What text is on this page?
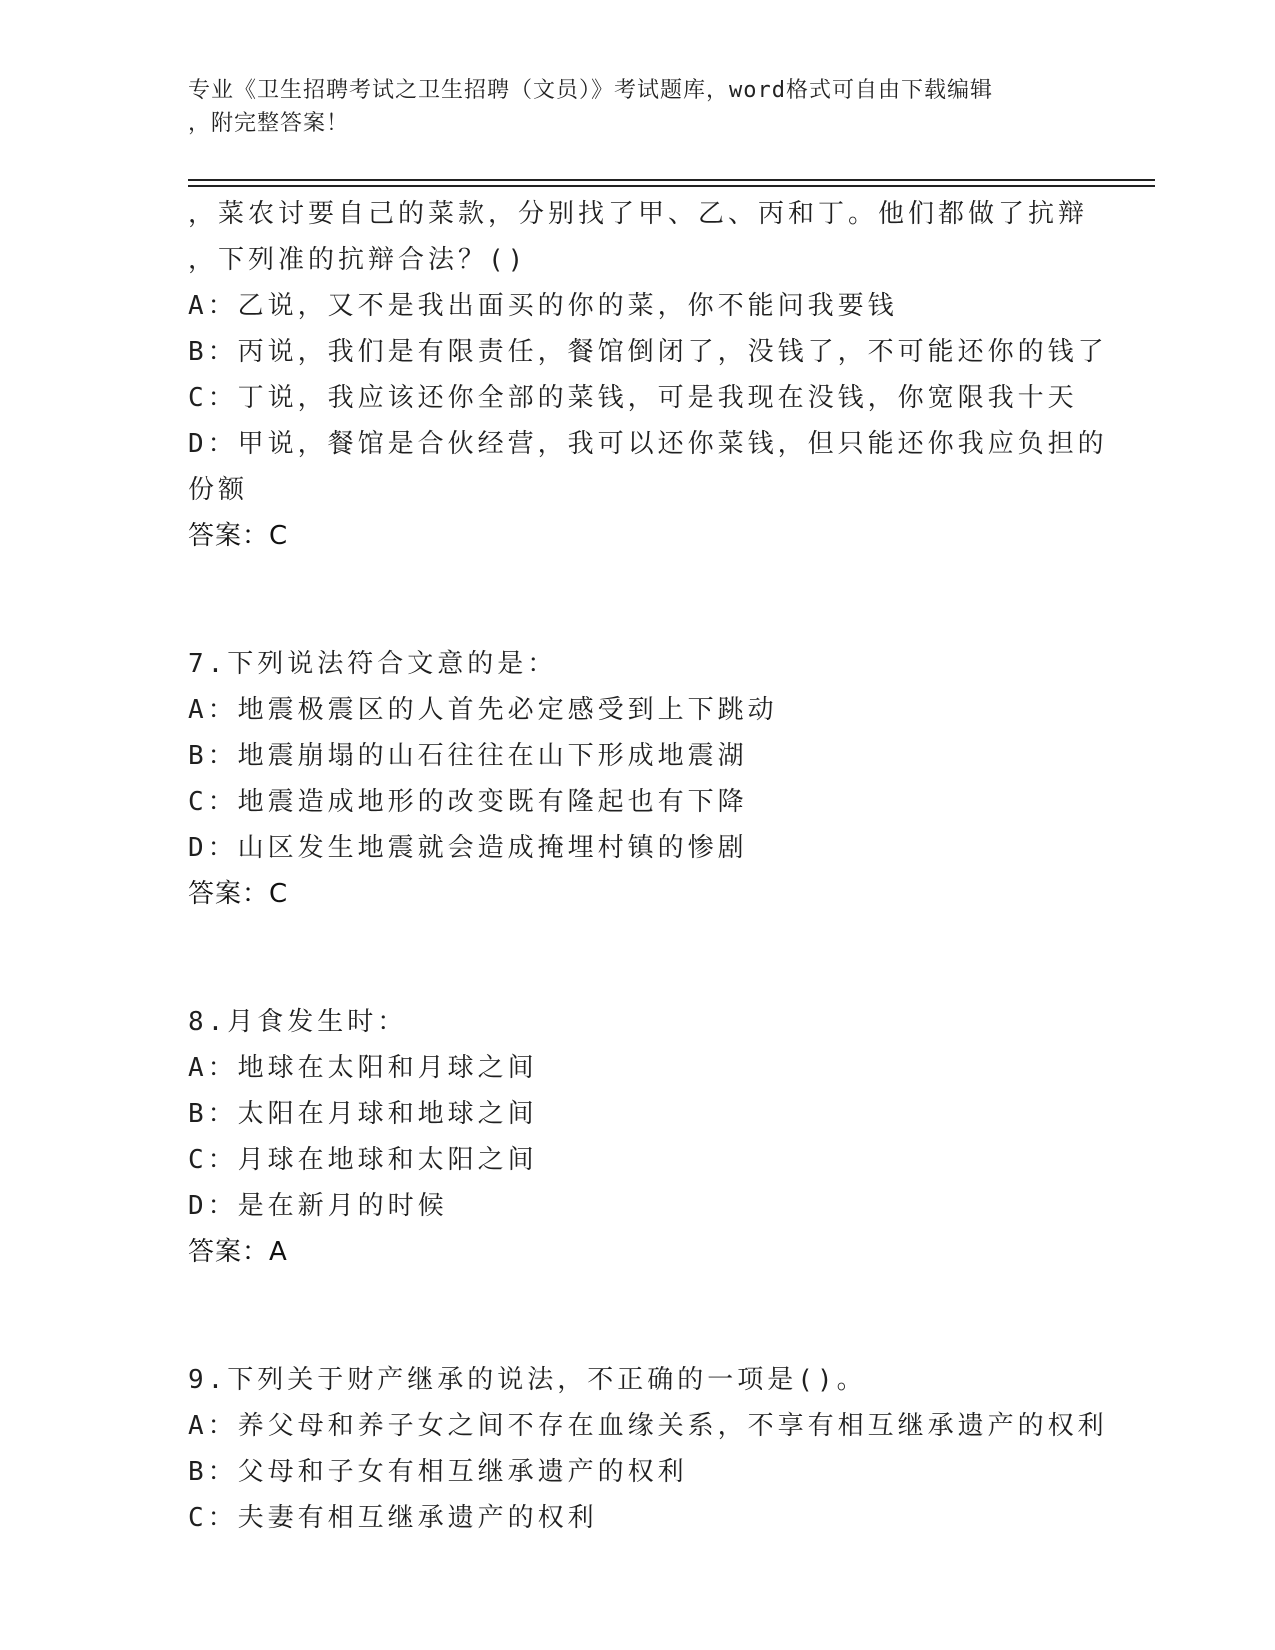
专业《卫生招聘考试之卫生招聘（文员）》考试题库，word格式可自由下载编辑
，附完整答案！
，菜农讨要自己的菜款，分别找了甲、乙、丙和丁。他们都做了抗辩
，下列准的抗辩合法？()
A：乙说，又不是我出面买的你的菜，你不能问我要钱
B：丙说，我们是有限责任，餐馆倒闭了，没钱了，不可能还你的钱了
C：丁说，我应该还你全部的菜钱，可是我现在没钱，你宽限我十天
D：甲说，餐馆是合伙经营，我可以还你菜钱，但只能还你我应负担的
份额
答案：C
7.下列说法符合文意的是：
A：地震极震区的人首先必定感受到上下跳动
B：地震崩塌的山石往往在山下形成地震湖
C：地震造成地形的改变既有隆起也有下降
D：山区发生地震就会造成掩埋村镇的惨剧
答案：C
8.月食发生时：
A：地球在太阳和月球之间
B：太阳在月球和地球之间
C：月球在地球和太阳之间
D：是在新月的时候
答案：A
9.下列关于财产继承的说法，不正确的一项是()。
A：养父母和养子女之间不存在血缘关系，不享有相互继承遗产的权利
B：父母和子女有相互继承遗产的权利
C：夫妻有相互继承遗产的权利
